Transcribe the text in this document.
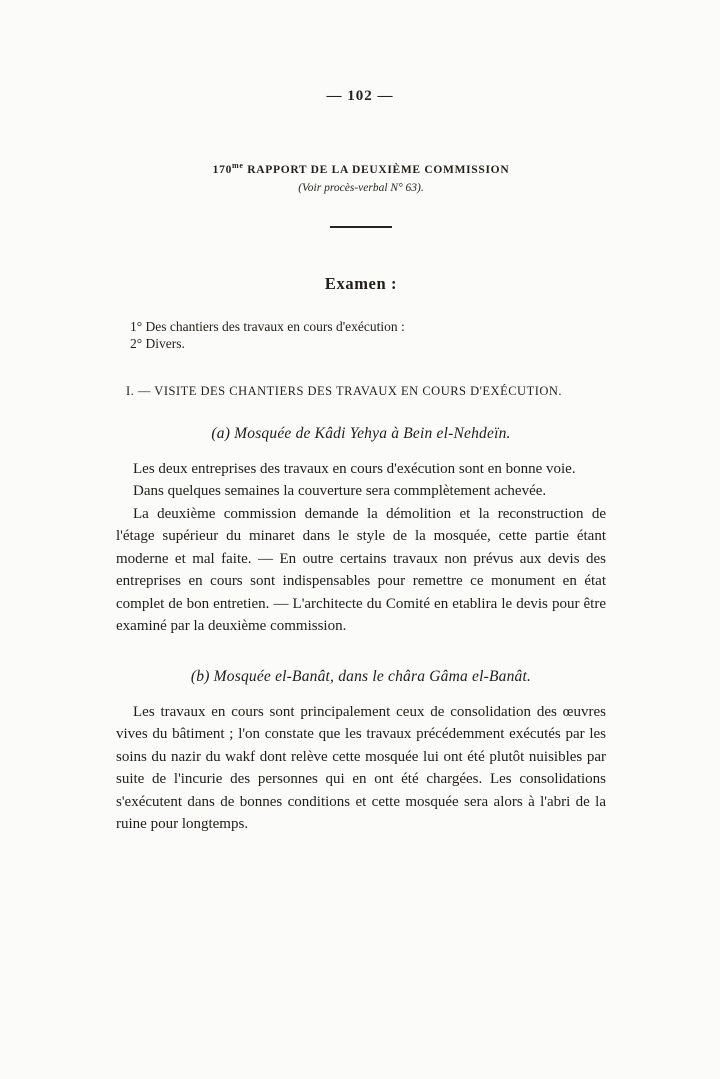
— 102 —
$170^{me}$ RAPPORT DE LA DEUXIÈME COMMISSION
(Voir procès-verbal N° 63).
Examen :
1° Des chantiers des travaux en cours d'exécution :
2° Divers.
I. — VISITE DES CHANTIERS DES TRAVAUX EN COURS D'EXÉCUTION.
(a) Mosquée de Kâdi Yehya à Bein el-Nehdeïn.

Les deux entreprises des travaux en cours d'exécution sont en bonne voie.

Dans quelques semaines la couverture sera commplètement achevée.

La deuxième commission demande la démolition et la reconstruction de l'étage supérieur du minaret dans le style de la mosquée, cette partie étant moderne et mal faite. — En outre certains travaux non prévus aux devis des entreprises en cours sont indispensables pour remettre ce monument en état complet de bon entretien. — L'architecte du Comité en etablira le devis pour être examiné par la deuxième commission.

(b) Mosquée el-Banât, dans le châra Gâma el-Banât.

Les travaux en cours sont principalement ceux de consolidation des œuvres vives du bâtiment ; l'on constate que les travaux précédemment exécutés par les soins du nazir du wakf dont relève cette mosquée lui ont été plutôt nuisibles par suite de l'incurie des personnes qui en ont été chargées. Les consolidations s'exécutent dans de bonnes conditions et cette mosquée sera alors à l'abri de la ruine pour longtemps.
